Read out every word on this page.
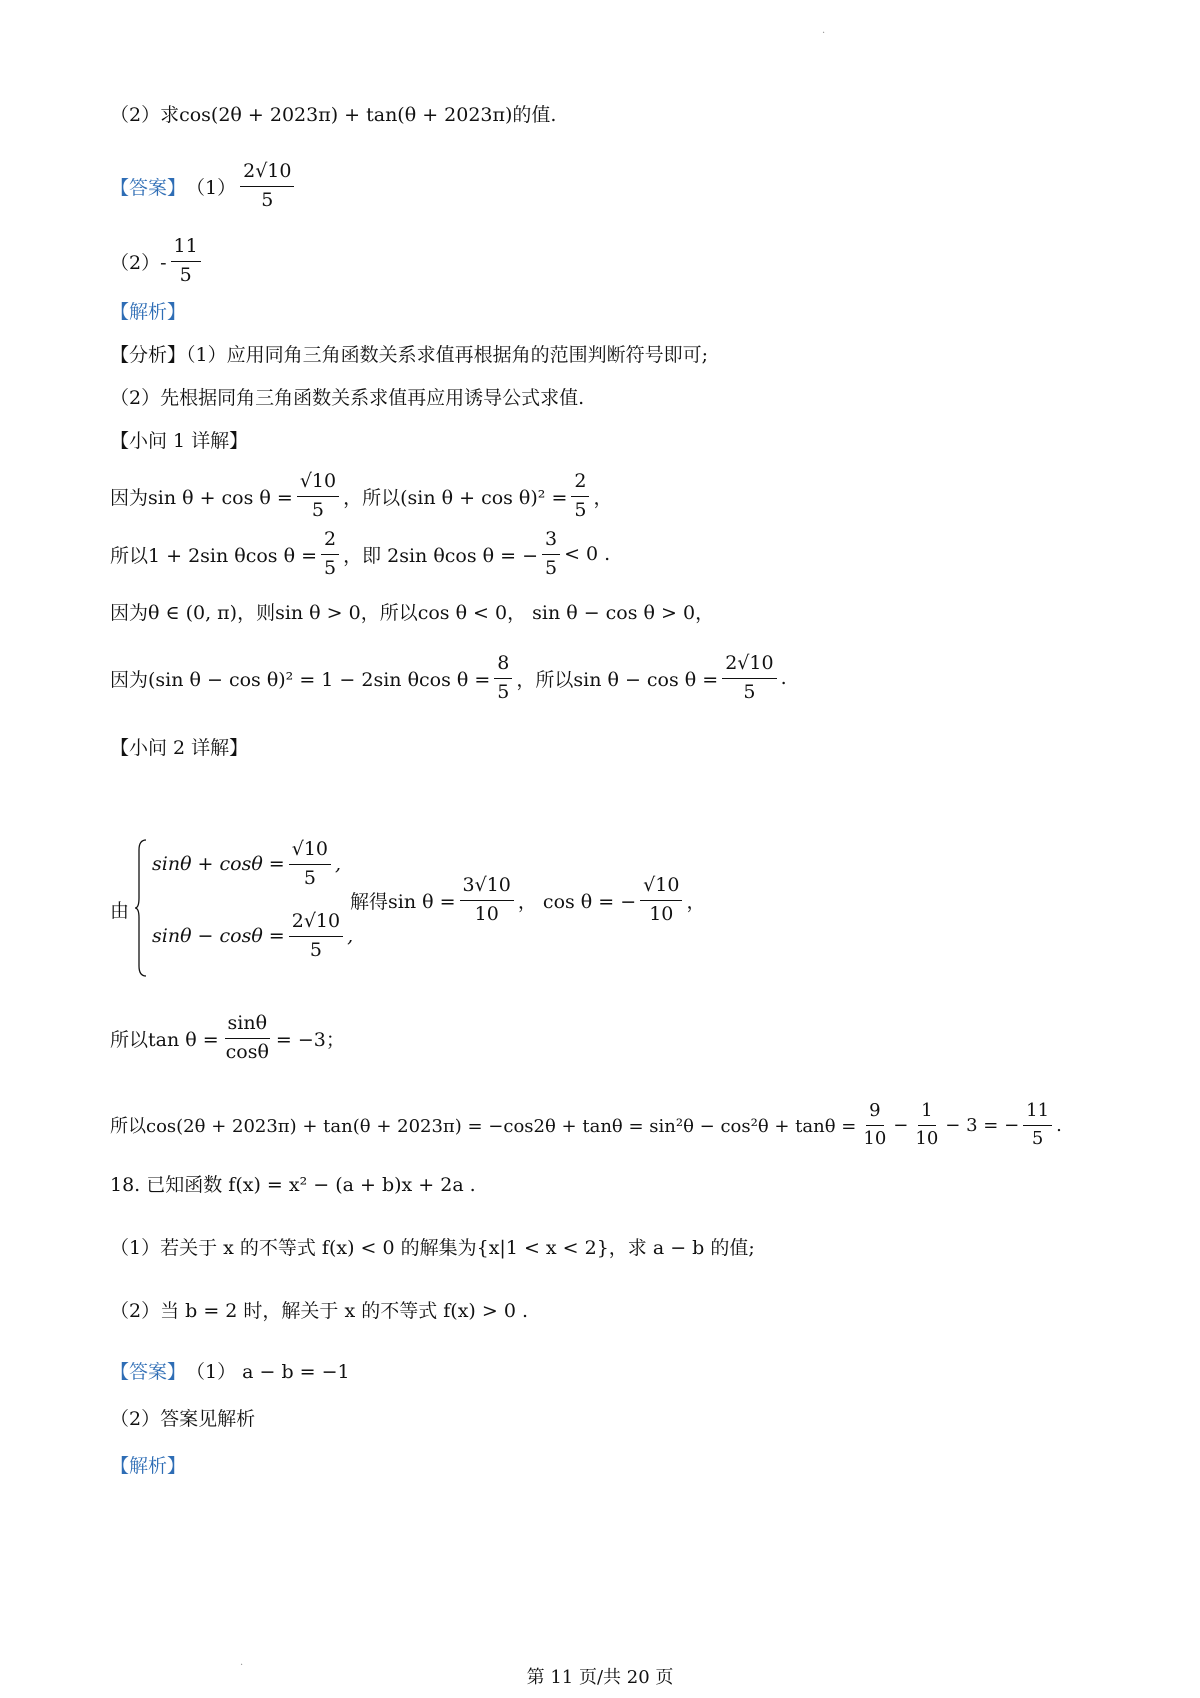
（2）求cos(2θ + 2023π) + tan(θ + 2023π)的值.
【答案】 $(1) \frac{2√10}{5}$
$(2)- \frac{11}{5}$
【解析】
【分析】（1）应用同角三角函数关系求值再根据角的范围判断符号即可;
（2）先根据同角三角函数关系求值再应用诱导公式求值.
【小问 1 详解】
因为$\sin \theta + \cos \theta = \frac{√10}{5}$ ，所以(sin $\theta + \cos \theta)^2 = \frac{2}{5}$ ，
所以1 + 2sin θcos $\theta = \frac{2}{5}$ ，即 2sin θcos θ = − $\frac{3}{5} < 0$ .
因为θ ∈ (0, π)，则sin θ > 0，所以cos θ < 0， sin θ − cos θ > 0，
因为(sin θ − cos θ)² = 1 − 2sin θcos $\theta = \frac{8}{5}$ ，所以$\sin \theta - \cos \theta = \frac{2√10}{5}$ .
【小问 2 详解】
由
$\sin\theta + \cos\theta = \frac{√10}{5}$ ,
$\sin\theta - \cos\theta = \frac{2√10}{5}$ ,
解得$\sin \theta = \frac{3√10}{10}$ ， cos θ = − $\frac{√10}{10}$ ，
所以$\tan \theta = \frac{\sin\theta}{\cos\theta} = -3$；
所以$\cos(2\theta + 2023\pi) + \tan(\theta + 2023\pi) = -\cos 2\theta + \tan\theta = \sin^2\theta - \cos^2\theta + \tan\theta = \frac{9}{10} - \frac{1}{10} - 3$ = − $\frac{11}{5}$ .
18. 已知函数 f(x) = x² − (a + b)x + 2a .
（1）若关于 x 的不等式 f(x) < 0 的解集为{x|1 < x < 2}，求 a − b 的值;
（2）当 b = 2 时，解关于 x 的不等式 f(x) > 0 .
【答案】 （1） a − b = −1
（2）答案见解析
【解析】
·
·
第 11 页/共 20 页
